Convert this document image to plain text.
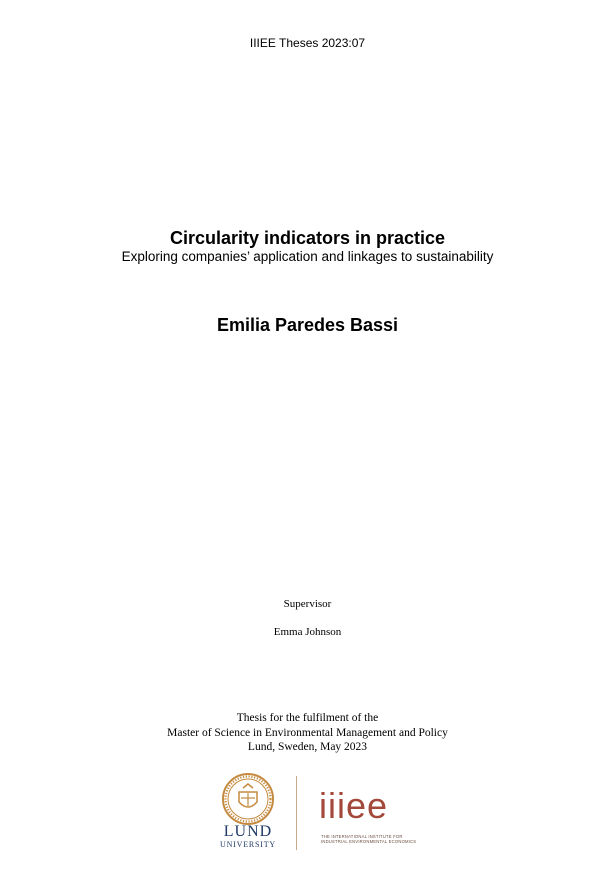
IIIEE Theses 2023:07
Circularity indicators in practice
Exploring companies’ application and linkages to sustainability
Emilia Paredes Bassi
Supervisor
Emma Johnson
Thesis for the fulfilment of the
Master of Science in Environmental Management and Policy
Lund, Sweden, May 2023
LUND
UNIVERSITY
iiiee
THE INTERNATIONAL INSTITUTE FOR
INDUSTRIAL ENVIRONMENTAL ECONOMICS
